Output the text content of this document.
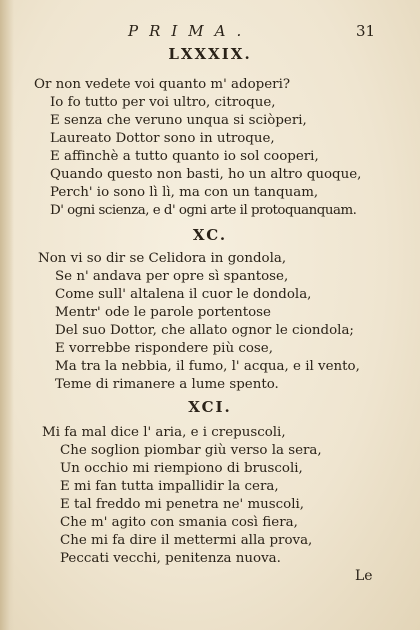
PRIMA.	31
LXXXIX.
Or non vedete voi quanto m' adoperi?
Io fo tutto per voi ultro, citroque,
E senza che veruno unqua si sciòperi,
Laureato Dottor sono in utroque,
E affinchè a tutto quanto io sol cooperi,
Quando questo non basti, ho un altro quoque,
Perch' io sono lì lì, ma con un tanquam,
D' ogni scienza, e d' ogni arte il protoquanquam.
XC.
Non vi so dir se Celidora in gondola,
Se n' andava per opre sì spantose,
Come sull' altalena il cuor le dondola,
Mentr' ode le parole portentose
Del suo Dottor, che allato ognor le ciondola;
E vorrebbe rispondere più cose,
Ma tra la nebbia, il fumo, l' acqua, e il vento,
Teme di rimanere a lume spento.
XCI.
Mi fa mal dice l' aria, e i crepuscoli,
Che soglion piombar giù verso la sera,
Un occhio mi riempiono di bruscoli,
E mi fan tutta impallidir la cera,
E tal freddo mi penetra ne' muscoli,
Che m' agito con smania così fiera,
Che mi fa dire il mettermi alla prova,
Peccati vecchi, penitenza nuova.
Le
